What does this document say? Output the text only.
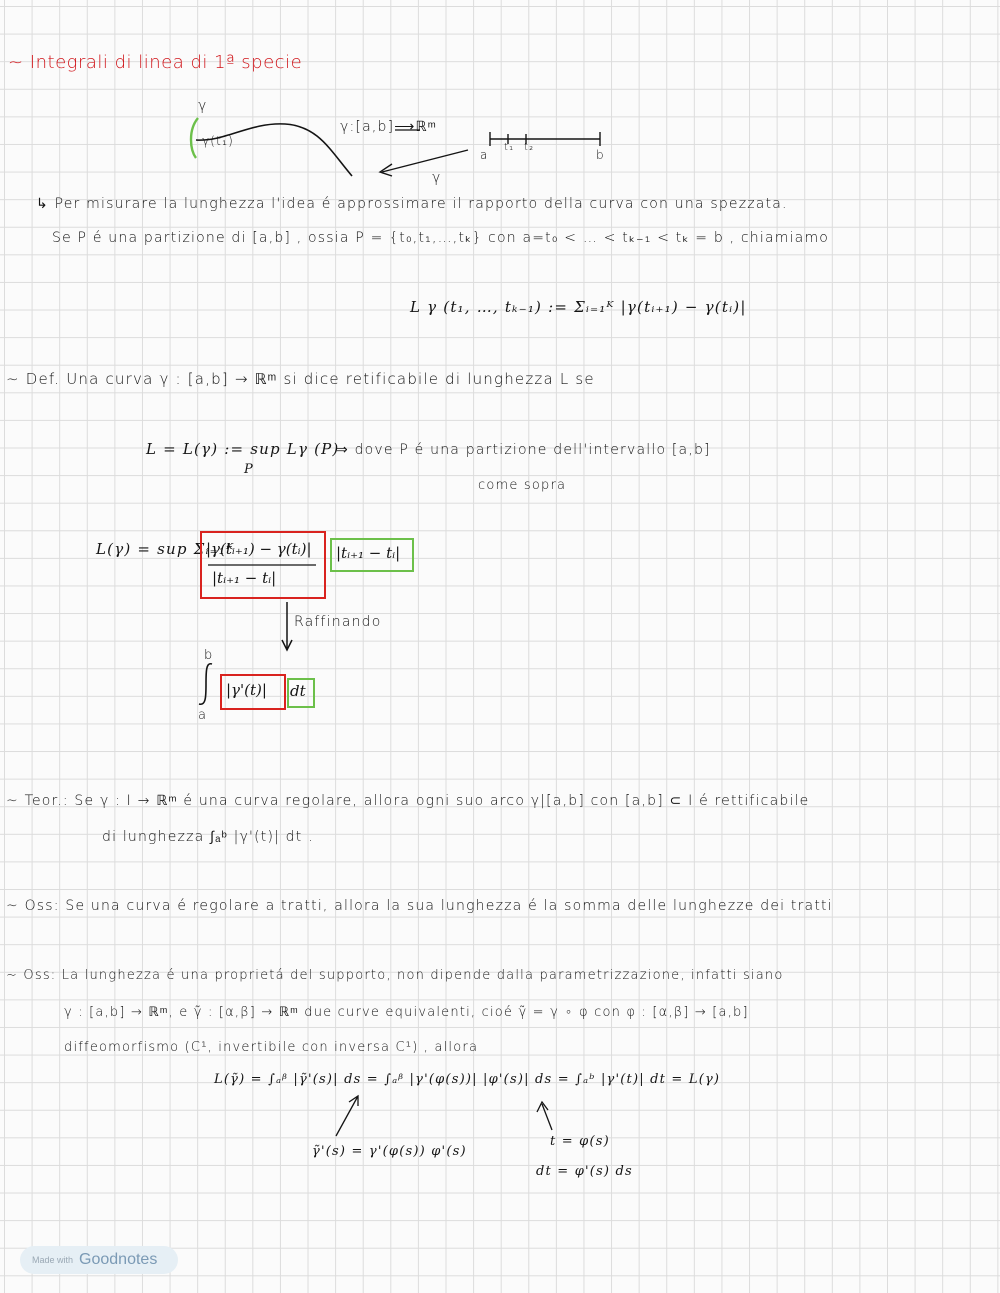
~ Integrali di linea di 1ª specie
γ
γ(t₁)
γ:[a,b]⟶ℝᵐ
γ
a
t₁ t₂
b
↳ Per misurare la lunghezza l'idea é approssimare il rapporto della curva con una spezzata.
Se P é una partizione di [a,b] , ossia P = {t₀,t₁,…,tₖ} con a=t₀ < … < tₖ₋₁ < tₖ = b , chiamiamo
L γ (t₁, …, tₖ₋₁) := Σᵢ₌₁ᴷ |γ(tᵢ₊₁) − γ(tᵢ)|
~ Def. Una curva γ : [a,b] → ℝᵐ si dice retificabile di lunghezza L se
L = L(γ) := sup Lγ (P)
P
⇒ dove P é una partizione dell'intervallo [a,b]
come sopra
L(γ) = sup Σᵢ₌₁ᴷ
|γ(tᵢ₊₁) − γ(tᵢ)|
|tᵢ₊₁ − tᵢ|
|tᵢ₊₁ − tᵢ|
Raffinando
b
a
|γ'(t)| dt
~ Teor.: Se γ : I → ℝᵐ é una curva regolare, allora ogni suo arco γ|[a,b] con [a,b] ⊂ I é rettificabile
di lunghezza ∫ₐᵇ |γ'(t)| dt .
~ Oss: Se una curva é regolare a tratti, allora la sua lunghezza é la somma delle lunghezze dei tratti
~ Oss: La lunghezza é una proprietá del supporto, non dipende dalla parametrizzazione, infatti siano
γ : [a,b] → ℝᵐ, e γ̃ : [α,β] → ℝᵐ due curve equivalenti, cioé γ̃ = γ ∘ φ con φ : [α,β] → [a,b]
diffeomorfismo (C¹, invertibile con inversa C¹) , allora
L(γ̃) = ∫ₐᵝ |γ̃'(s)| ds = ∫ₐᵝ |γ'(φ(s))| |φ'(s)| ds = ∫ₐᵇ |γ'(t)| dt = L(γ)
γ̃'(s) = γ'(φ(s)) φ'(s)
t = φ(s)
dt = φ'(s) ds
Made with Goodnotes
